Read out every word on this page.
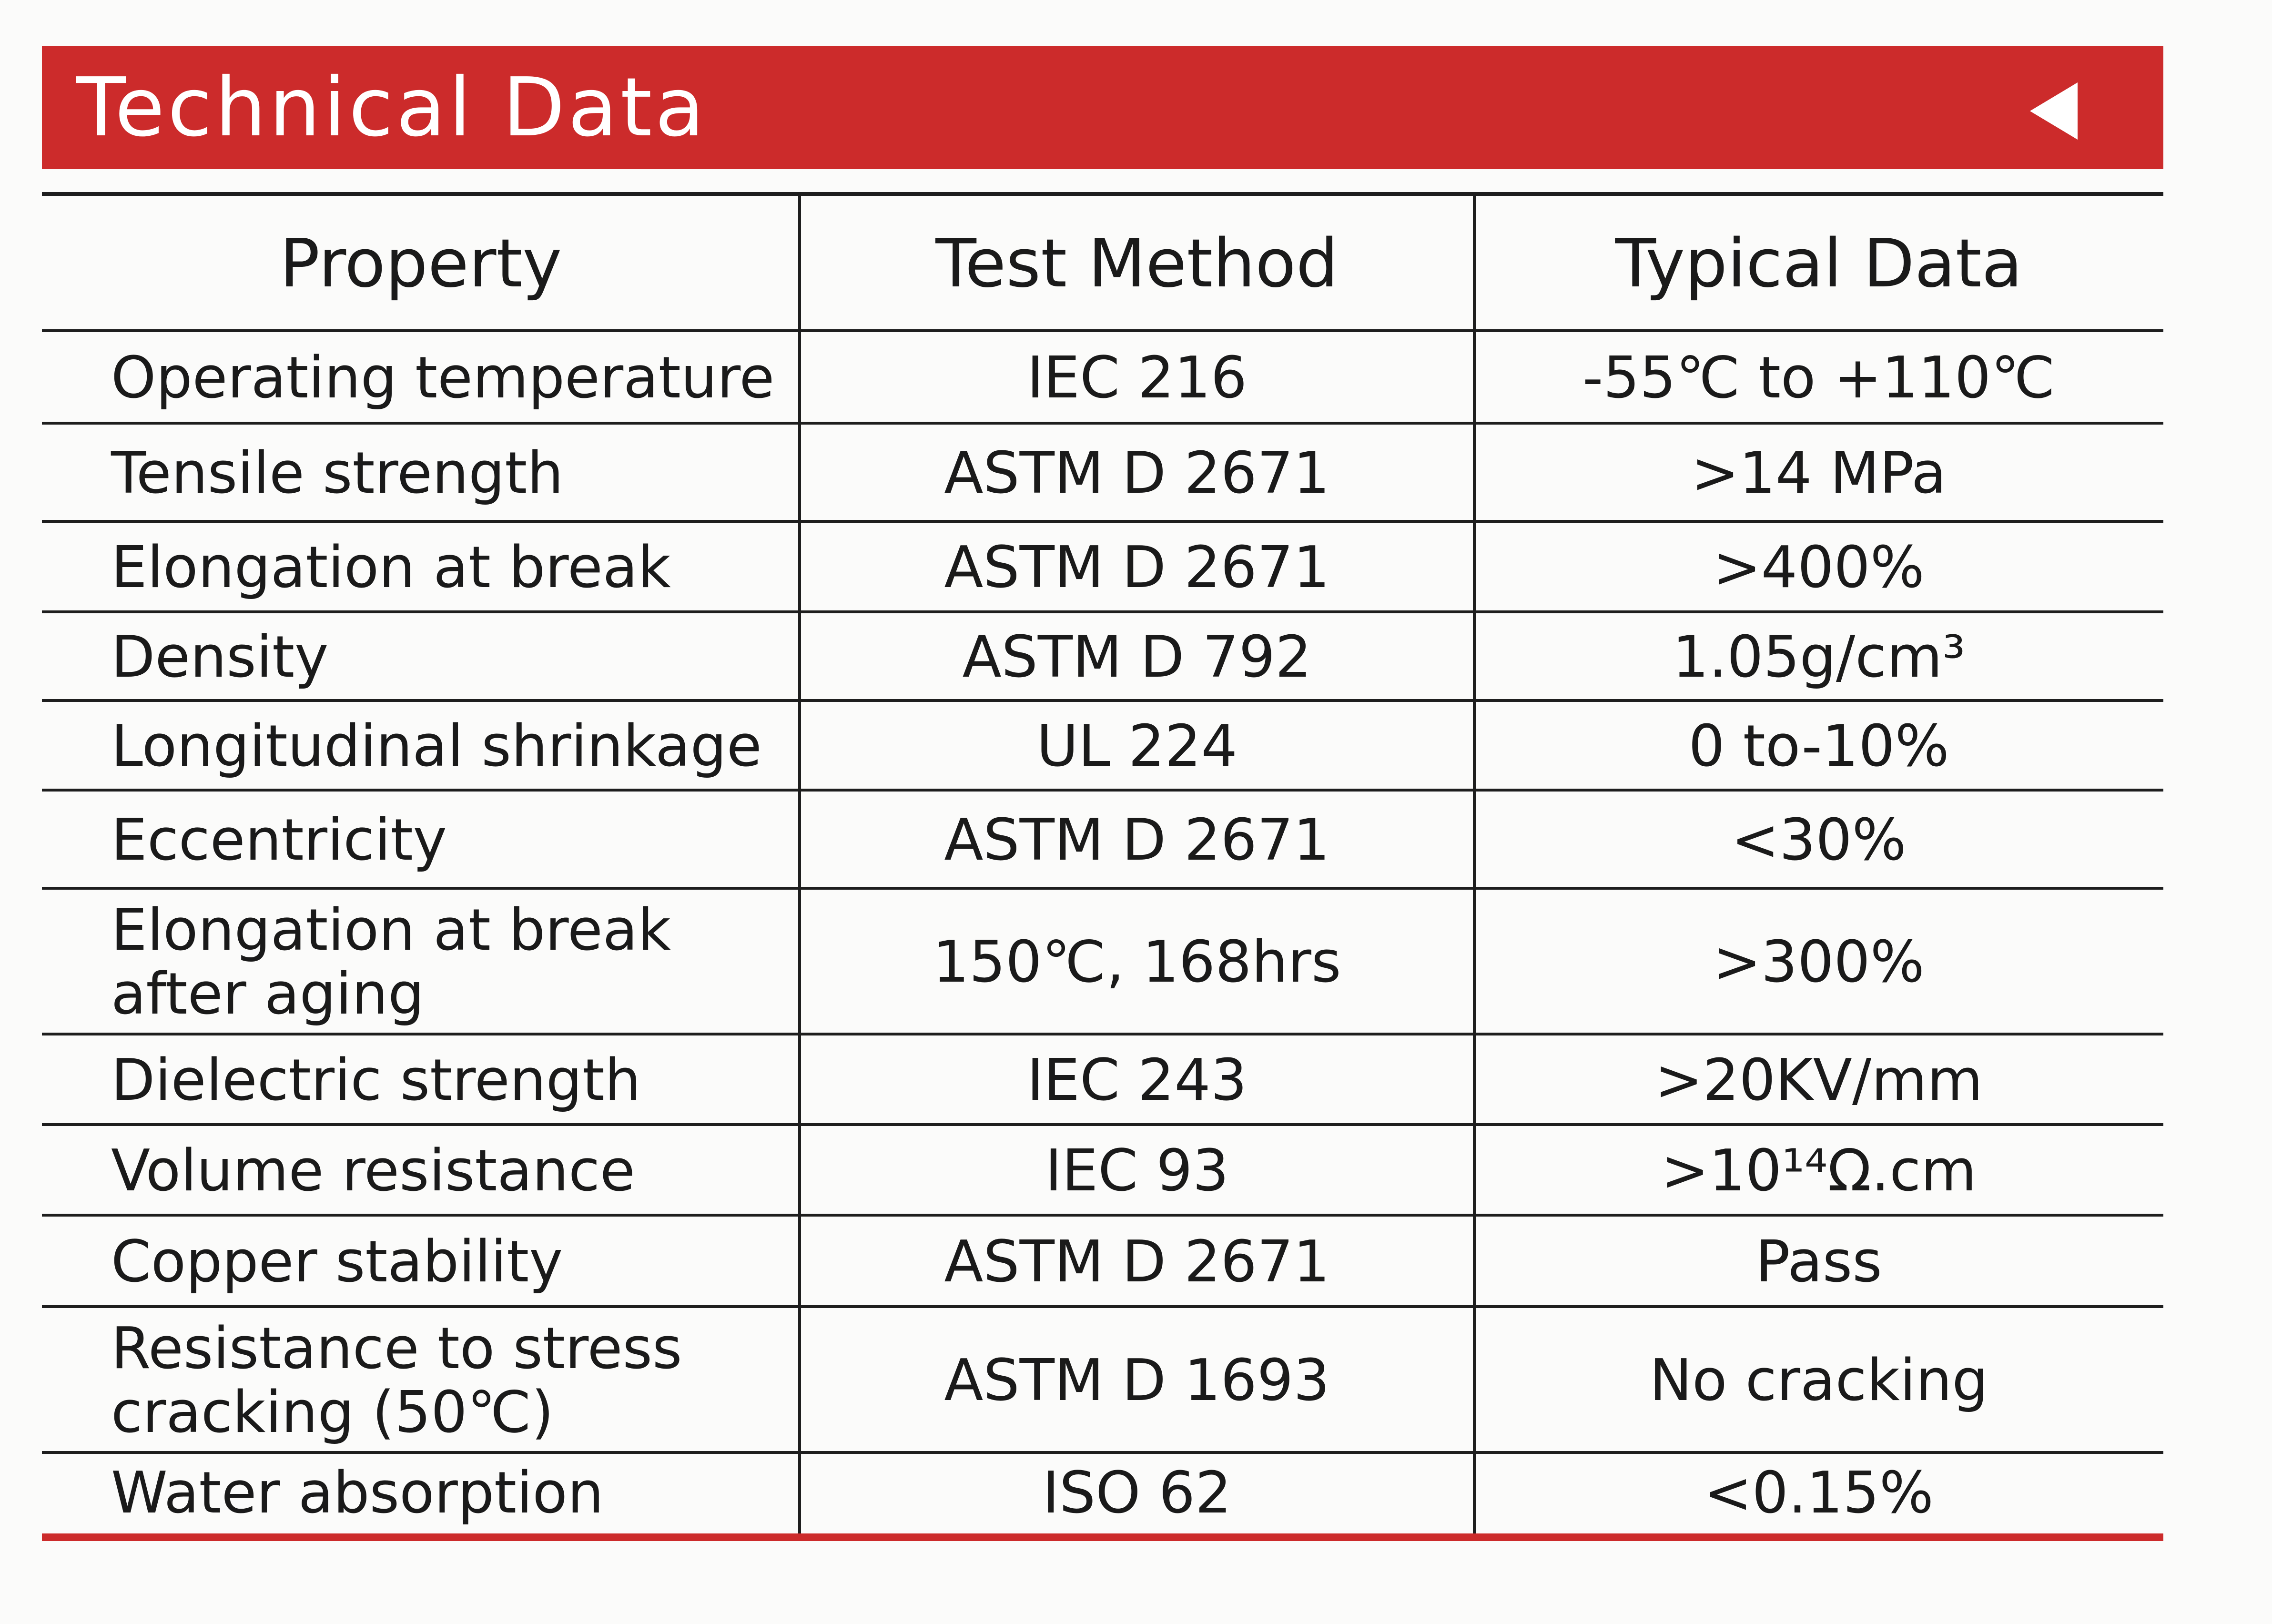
Technical Data
Property	Test Method	Typical Data
Operating temperature	IEC 216	-55℃ to +110℃
Tensile strength	ASTM D 2671	>14 MPa
Elongation at break	ASTM D 2671	>400%
Density	ASTM D 792	1.05g/cm³
Longitudinal shrinkage	UL 224	0 to-10%
Eccentricity	ASTM D 2671	<30%
Elongation at break after aging	150℃, 168hrs	>300%
Dielectric strength	IEC 243	>20KV/mm
Volume resistance	IEC 93	>10¹⁴Ω.cm
Copper stability	ASTM D 2671	Pass
Resistance to stress cracking (50℃)	ASTM D 1693	No cracking
Water absorption	ISO 62	<0.15%
